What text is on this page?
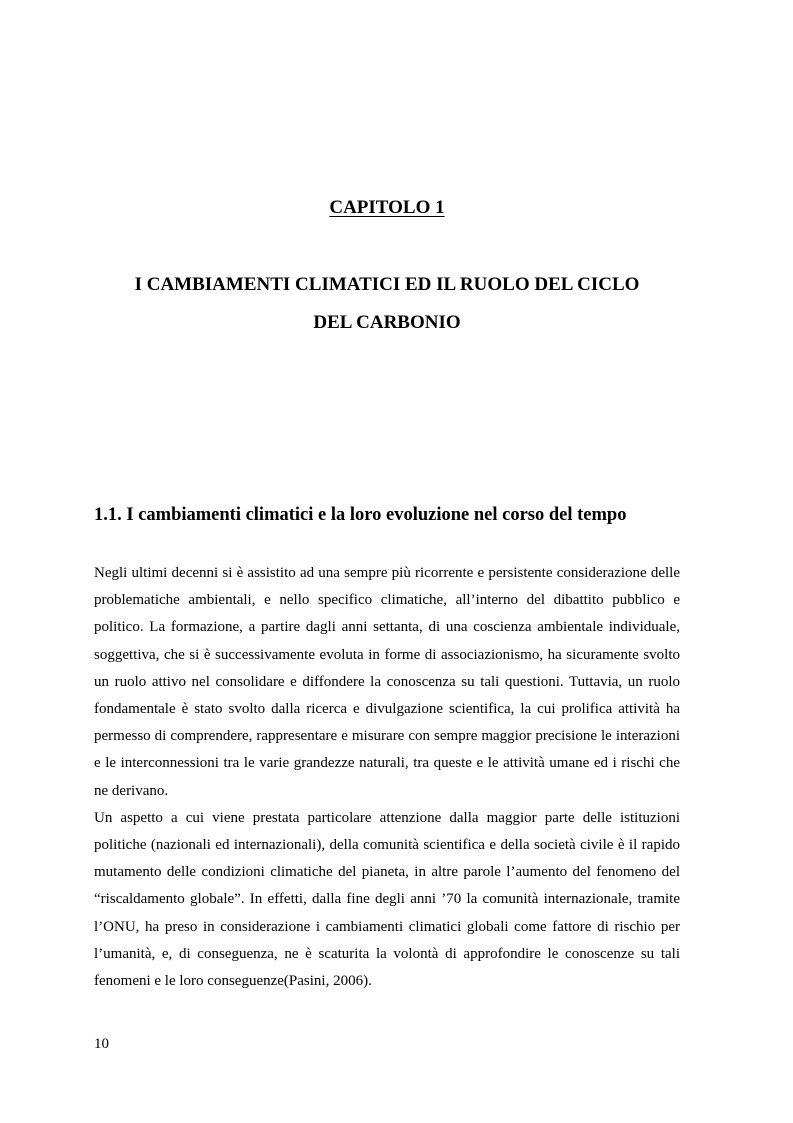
CAPITOLO 1
I CAMBIAMENTI CLIMATICI ED IL RUOLO DEL CICLO
DEL CARBONIO
1.1. I cambiamenti climatici e la loro evoluzione nel corso del tempo

Negli ultimi decenni si è assistito ad una sempre più ricorrente e persistente considerazione delle problematiche ambientali, e nello specifico climatiche, all’interno del dibattito pubblico e politico. La formazione, a partire dagli anni settanta, di una coscienza ambientale individuale, soggettiva, che si è successivamente evoluta in forme di associazionismo, ha sicuramente svolto un ruolo attivo nel consolidare e diffondere la conoscenza su tali questioni. Tuttavia, un ruolo fondamentale è stato svolto dalla ricerca e divulgazione scientifica, la cui prolifica attività ha permesso di comprendere, rappresentare e misurare con sempre maggior precisione le interazioni e le interconnessioni tra le varie grandezze naturali, tra queste e le attività umane ed i rischi che ne derivano.

Un aspetto a cui viene prestata particolare attenzione dalla maggior parte delle istituzioni politiche (nazionali ed internazionali), della comunità scientifica e della società civile è il rapido mutamento delle condizioni climatiche del pianeta, in altre parole l’aumento del fenomeno del “riscaldamento globale”. In effetti, dalla fine degli anni ’70 la comunità internazionale, tramite l’ONU, ha preso in considerazione i cambiamenti climatici globali come fattore di rischio per l’umanità, e, di conseguenza, ne è scaturita la volontà di approfondire le conoscenze su tali fenomeni e le loro conseguenze(Pasini, 2006).

10
